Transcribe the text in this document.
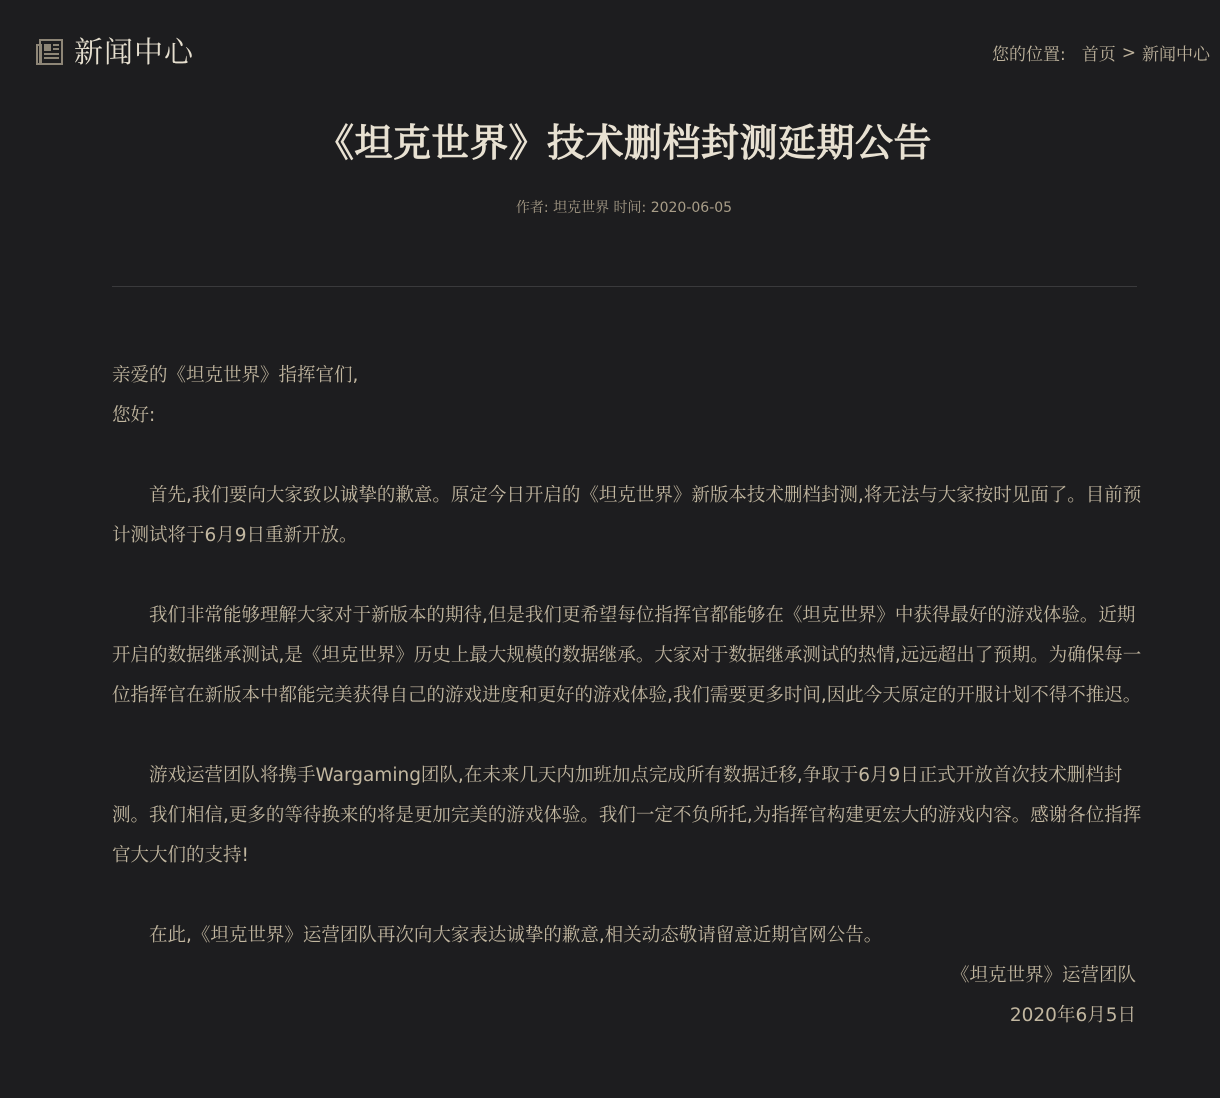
新闻中心	您的位置: 首页 > 新闻中心
《坦克世界》技术删档封测延期公告
作者: 坦克世界 时间: 2020-06-05

亲爱的《坦克世界》指挥官们,

您好:

首先,我们要向大家致以诚挚的歉意。原定今日开启的《坦克世界》新版本技术删档封测,将无法与大家按时见面了。目前预计测试将于6月9日重新开放。

我们非常能够理解大家对于新版本的期待,但是我们更希望每位指挥官都能够在《坦克世界》中获得最好的游戏体验。近期开启的数据继承测试,是《坦克世界》历史上最大规模的数据继承。大家对于数据继承测试的热情,远远超出了预期。为确保每一位指挥官在新版本中都能完美获得自己的游戏进度和更好的游戏体验,我们需要更多时间,因此今天原定的开服计划不得不推迟。

游戏运营团队将携手Wargaming团队,在未来几天内加班加点完成所有数据迁移,争取于6月9日正式开放首次技术删档封测。我们相信,更多的等待换来的将是更加完美的游戏体验。我们一定不负所托,为指挥官构建更宏大的游戏内容。感谢各位指挥官大大们的支持!

在此,《坦克世界》运营团队再次向大家表达诚挚的歉意,相关动态敬请留意近期官网公告。

《坦克世界》运营团队

2020年6月5日
